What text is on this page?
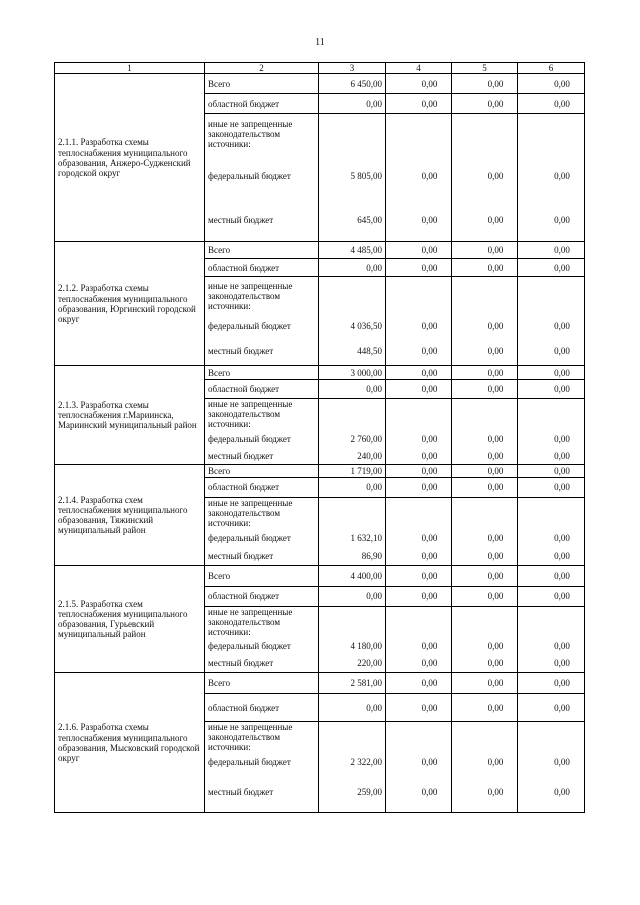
11
1	2	3	4	5	6
2.1.1. Разработка схемы теплоснабжения муниципального образования, Анжеро-Судженский городской округ	Всего	6 450,00	0,00	0,00	0,00
	областной бюджет	0,00	0,00	0,00	0,00
	иные не запрещенные законодательством источники:				
	федеральный бюджет	5 805,00	0,00	0,00	0,00
	местный бюджет	645,00	0,00	0,00	0,00
2.1.2. Разработка схемы теплоснабжения муниципального образования, Юргинский городской округ	Всего	4 485,00	0,00	0,00	0,00
	областной бюджет	0,00	0,00	0,00	0,00
	иные не запрещенные законодательством источники:				
	федеральный бюджет	4 036,50	0,00	0,00	0,00
	местный бюджет	448,50	0,00	0,00	0,00
2.1.3. Разработка схемы теплоснабжения г.Мариинска, Мариинский муниципальный район	Всего	3 000,00	0,00	0,00	0,00
	областной бюджет	0,00	0,00	0,00	0,00
	иные не запрещенные законодательством источники:				
	федеральный бюджет	2 760,00	0,00	0,00	0,00
	местный бюджет	240,00	0,00	0,00	0,00
2.1.4. Разработка схем теплоснабжения муниципального образования, Тяжинский муниципальный район	Всего	1 719,00	0,00	0,00	0,00
	областной бюджет	0,00	0,00	0,00	0,00
	иные не запрещенные законодательством источники:				
	федеральный бюджет	1 632,10	0,00	0,00	0,00
	местный бюджет	86,90	0,00	0,00	0,00
2.1.5. Разработка схем теплоснабжения муниципального образования, Гурьевский муниципальный район	Всего	4 400,00	0,00	0,00	0,00
	областной бюджет	0,00	0,00	0,00	0,00
	иные не запрещенные законодательством источники:				
	федеральный бюджет	4 180,00	0,00	0,00	0,00
	местный бюджет	220,00	0,00	0,00	0,00
2.1.6. Разработка схемы теплоснабжения муниципального образования, Мысковский городской округ	Всего	2 581,00	0,00	0,00	0,00
	областной бюджет	0,00	0,00	0,00	0,00
	иные не запрещенные законодательством источники:				
	федеральный бюджет	2 322,00	0,00	0,00	0,00
	местный бюджет	259,00	0,00	0,00	0,00
